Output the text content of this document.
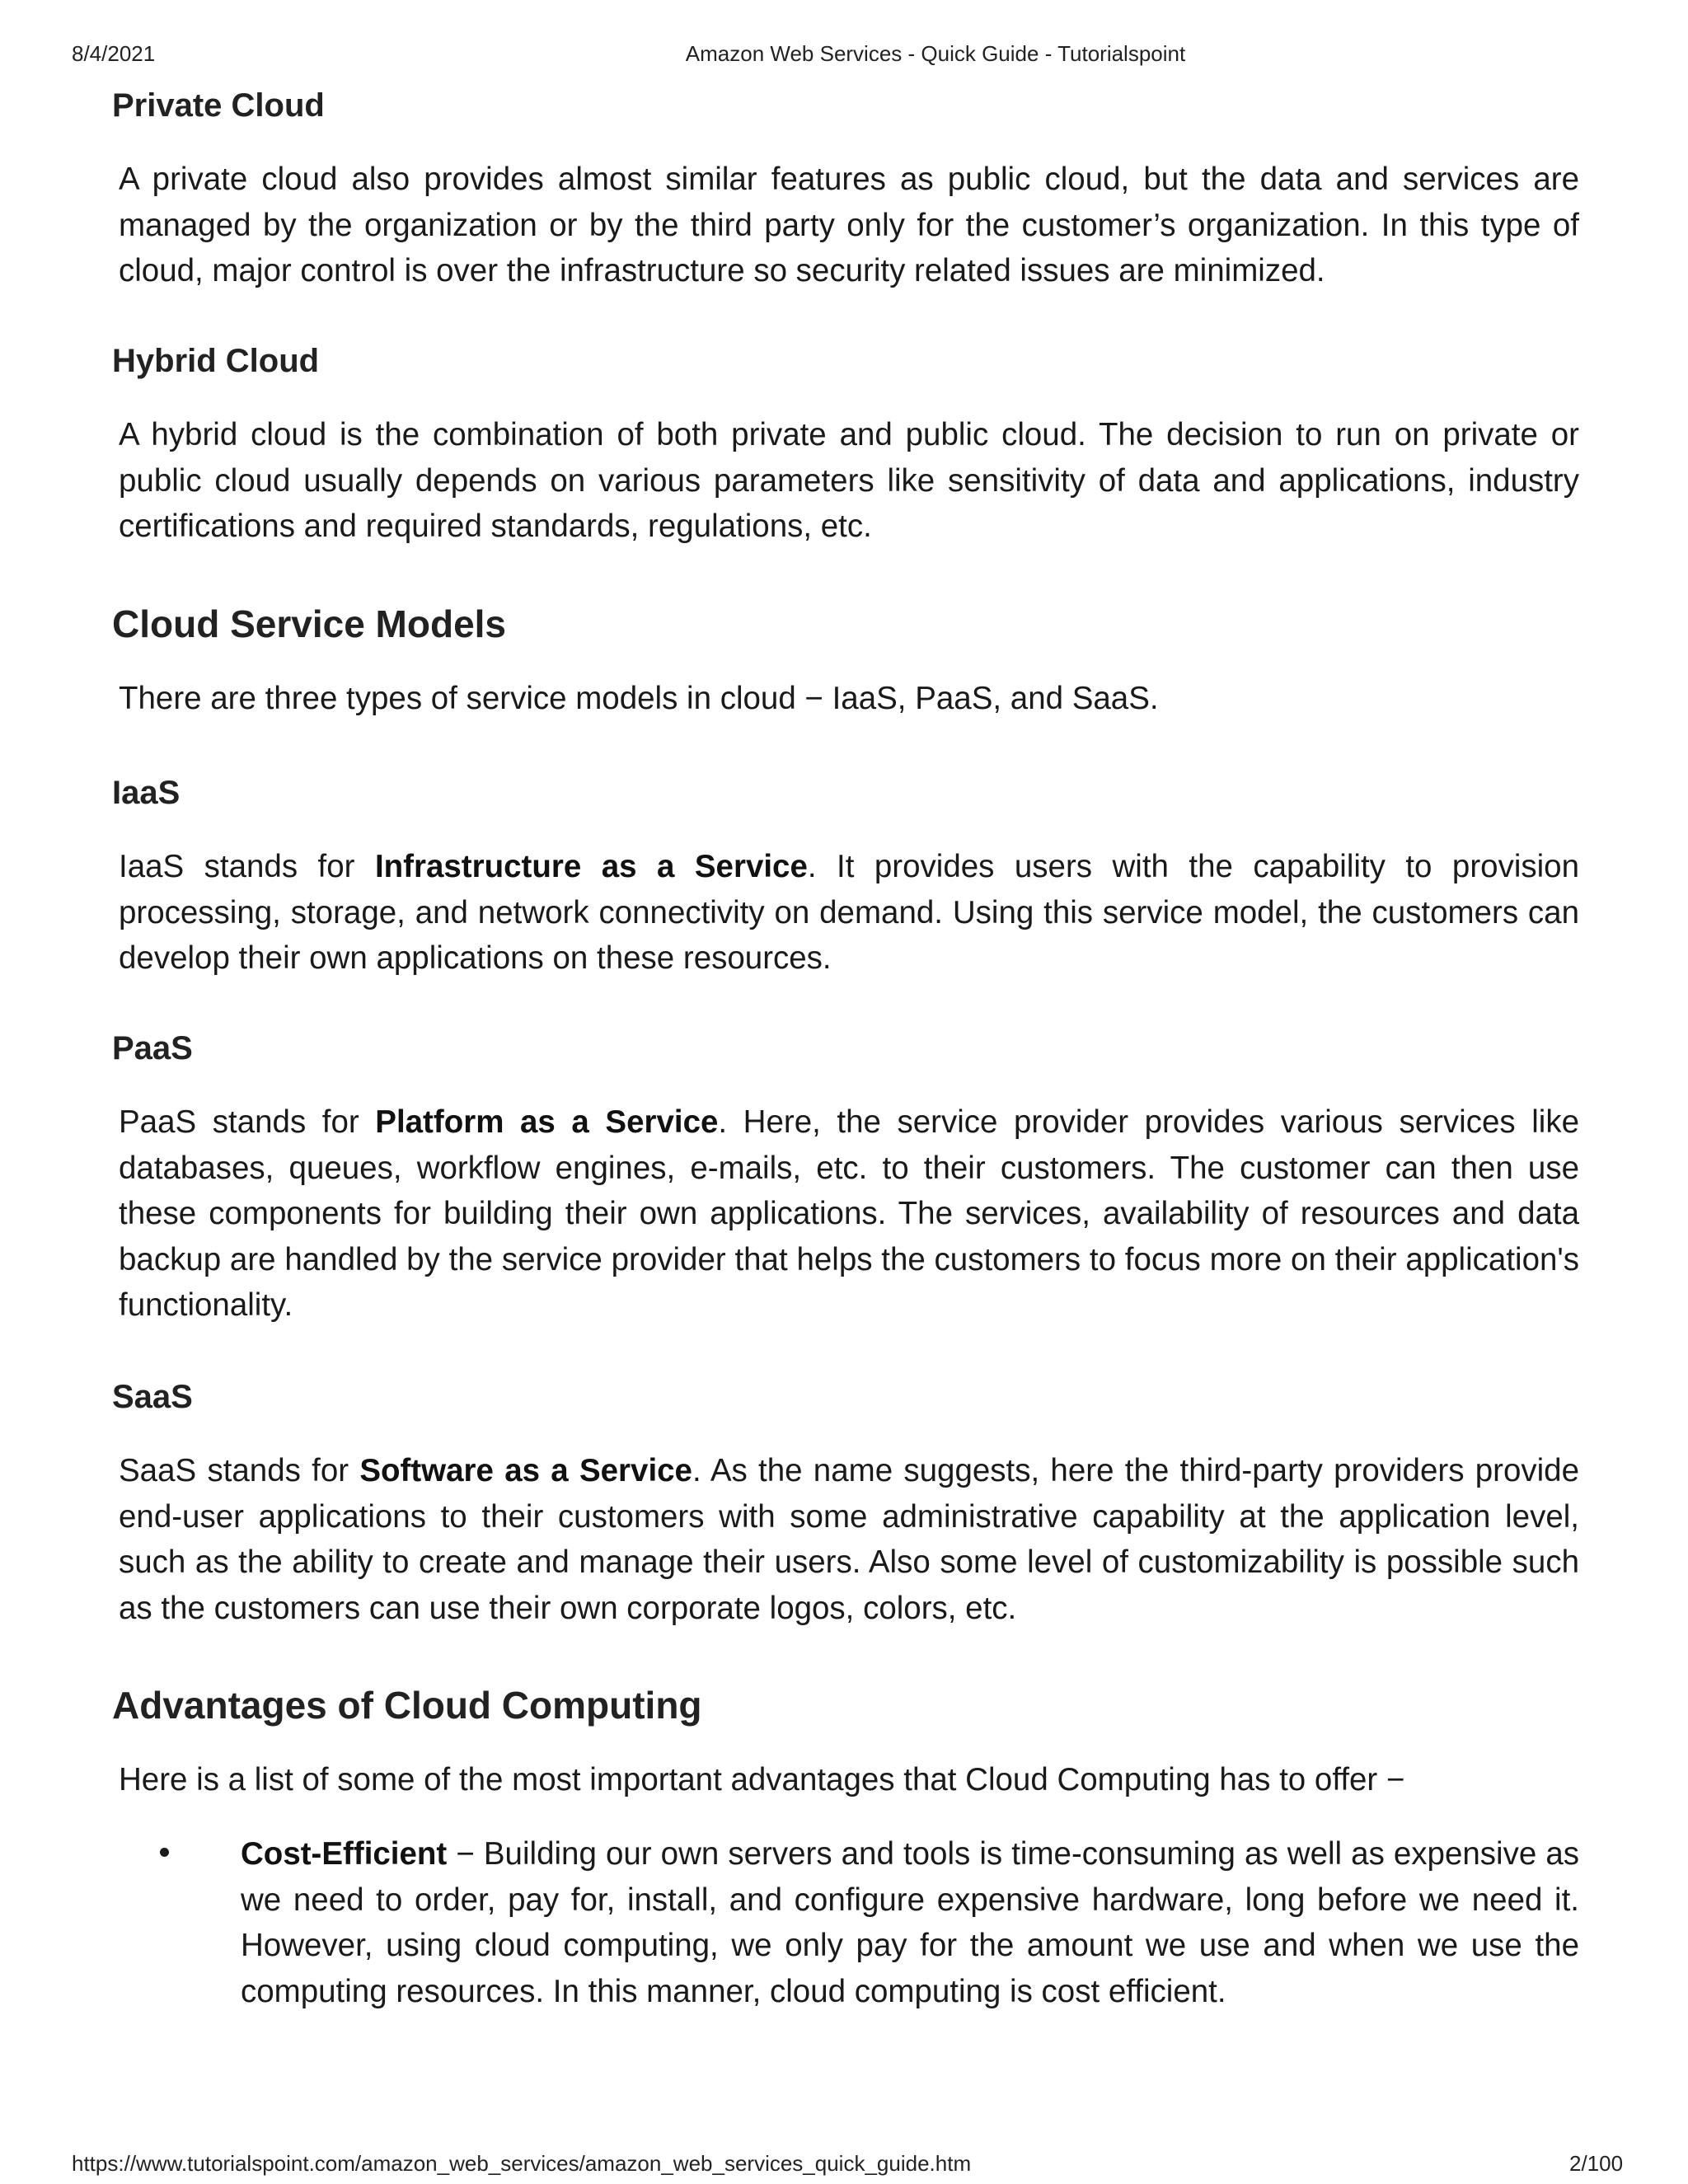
8/4/2021	Amazon Web Services - Quick Guide - Tutorialspoint
Private Cloud

A private cloud also provides almost similar features as public cloud, but the data and services are managed by the organization or by the third party only for the customer’s organization. In this type of cloud, major control is over the infrastructure so security related issues are minimized.

Hybrid Cloud

A hybrid cloud is the combination of both private and public cloud. The decision to run on private or public cloud usually depends on various parameters like sensitivity of data and applications, industry certifications and required standards, regulations, etc.

Cloud Service Models

There are three types of service models in cloud − IaaS, PaaS, and SaaS.

IaaS

IaaS stands for Infrastructure as a Service. It provides users with the capability to provision processing, storage, and network connectivity on demand. Using this service model, the customers can develop their own applications on these resources.

PaaS

PaaS stands for Platform as a Service. Here, the service provider provides various services like databases, queues, workflow engines, e-mails, etc. to their customers. The customer can then use these components for building their own applications. The services, availability of resources and data backup are handled by the service provider that helps the customers to focus more on their application's functionality.

SaaS

SaaS stands for Software as a Service. As the name suggests, here the third-party providers provide end-user applications to their customers with some administrative capability at the application level, such as the ability to create and manage their users. Also some level of customizability is possible such as the customers can use their own corporate logos, colors, etc.

Advantages of Cloud Computing

Here is a list of some of the most important advantages that Cloud Computing has to offer −

Cost-Efficient − Building our own servers and tools is time-consuming as well as expensive as we need to order, pay for, install, and configure expensive hardware, long before we need it. However, using cloud computing, we only pay for the amount we use and when we use the computing resources. In this manner, cloud computing is cost efficient.

https://www.tutorialspoint.com/amazon_web_services/amazon_web_services_quick_guide.htm	2/100
